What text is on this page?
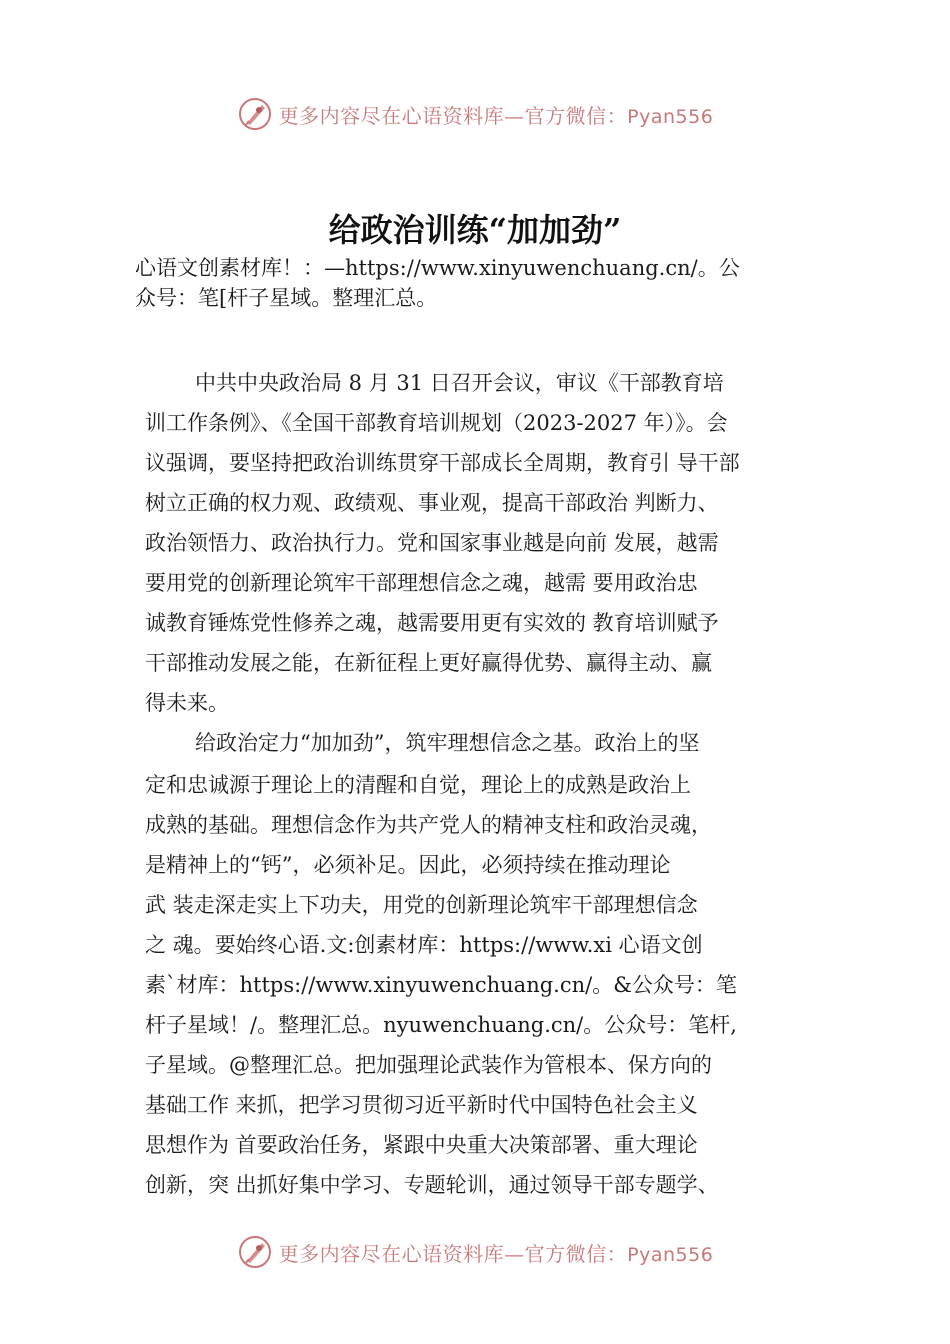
更多内容尽在心语资料库—官方微信：Pyan556
给政治训练“加加劲”
心语文创素材库！：—https://www.xinyuwenchuang.cn/。公
众号：笔[杆子星域。整理汇总。
中共中央政治局 8 月 31 日召开会议，审议《干部教育培
训工作条例》、《全国干部教育培训规划（2023-2027 年）》。会
议强调，要坚持把政治训练贯穿干部成长全周期，教育引 导干部
树立正确的权力观、政绩观、事业观，提高干部政治 判断力、
政治领悟力、政治执行力。党和国家事业越是向前 发展，越需
要用党的创新理论筑牢干部理想信念之魂，越需 要用政治忠
诚教育锤炼党性修养之魂，越需要用更有实效的 教育培训赋予
干部推动发展之能，在新征程上更好赢得优势、赢得主动、赢
得未来。
给政治定力“加加劲”，筑牢理想信念之基。政治上的坚
定和忠诚源于理论上的清醒和自觉，理论上的成熟是政治上
成熟的基础。理想信念作为共产党人的精神支柱和政治灵魂，
是精神上的“钙”，必须补足。因此，必须持续在推动理论
武 装走深走实上下功夫，用党的创新理论筑牢干部理想信念
之 魂。要始终心语.文:创素材库：https://www.xi 心语文创
素`材库：https://www.xinyuwenchuang.cn/。&公众号：笔
杆子星域！/。整理汇总。nyuwenchuang.cn/。公众号：笔杆,
子星域。@整理汇总。把加强理论武装作为管根本、保方向的
基础工作 来抓，把学习贯彻习近平新时代中国特色社会主义
思想作为 首要政治任务，紧跟中央重大决策部署、重大理论
创新，突 出抓好集中学习、专题轮训，通过领导干部专题学、
更多内容尽在心语资料库—官方微信：Pyan556
